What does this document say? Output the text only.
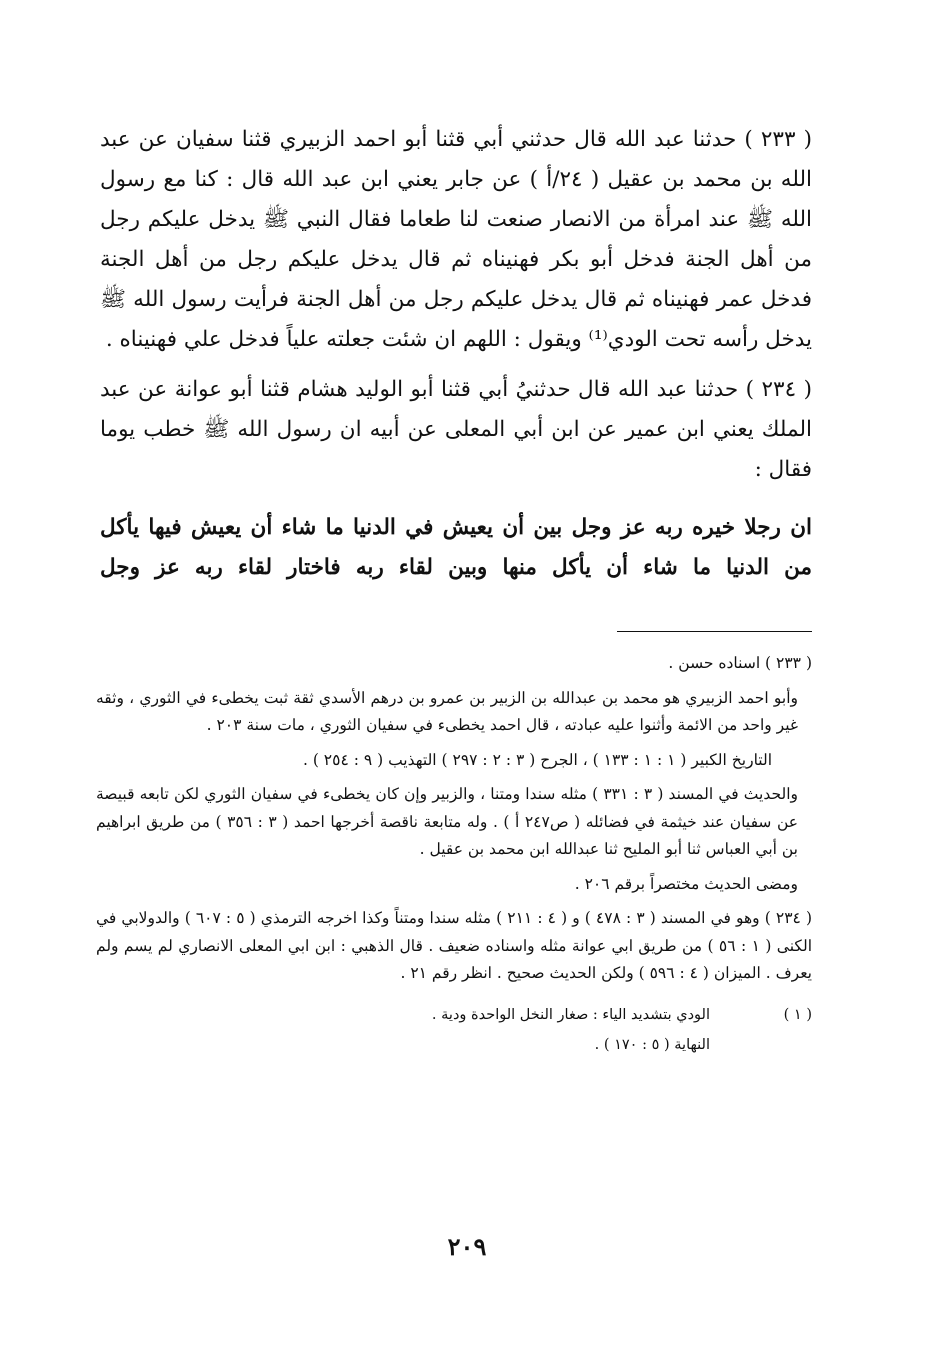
( ٢٣٣ ) حدثنا عبد الله قال حدثني أبي قثنا أبو احمد الزبيري قثنا سفيان عن عبد الله بن محمد بن عقيل ( ٢٤/أ ) عن جابر يعني ابن عبد الله قال : كنا مع رسول الله ﷺ عند امرأة من الانصار صنعت لنا طعاما فقال النبي ﷺ يدخل عليكم رجل من أهل الجنة فدخل أبو بكر فهنيناه ثم قال يدخل عليكم رجل من أهل الجنة فدخل عمر فهنيناه ثم قال يدخل عليكم رجل من أهل الجنة فرأيت رسول الله ﷺ يدخل رأسه تحت الودي⁽¹⁾ ويقول : اللهم ان شئت جعلته علياً فدخل علي فهنيناه .

( ٢٣٤ ) حدثنا عبد الله قال حدثنيُ أبي قثنا أبو الوليد هشام قثنا أبو عوانة عن عبد الملك يعني ابن عمير عن ابن أبي المعلى عن أبيه ان رسول الله ﷺ خطب يوما فقال :

ان رجلا خيره ربه عز وجل بين أن يعيش في الدنيا ما شاء أن يعيش فيها يأكل من الدنيا ما شاء أن يأكل منها وبين لقاء ربه فاختار لقاء ربه عز وجل

( ٢٣٣ ) اسناده حسن .

وأبو احمد الزبيري هو محمد بن عبدالله بن الزبير بن عمرو بن درهم الأسدي ثقة ثبت يخطىء في الثوري ، وثقه غير واحد من الائمة وأثنوا عليه عبادته ، قال احمد يخطىء في سفيان الثوري ، مات سنة ٢٠٣ .

التاريخ الكبير ( ١ : ١ : ١٣٣ ) ، الجرح ( ٣ : ٢ : ٢٩٧ ) التهذيب ( ٩ : ٢٥٤ ) .

والحديث في المسند ( ٣ : ٣٣١ ) مثله سندا ومتنا ، والزبير وإن كان يخطىء في سفيان الثوري لكن تابعه قبيصة عن سفيان عند خيثمة في فضائله ( ص٢٤٧ أ ) . وله متابعة ناقصة أخرجها احمد ( ٣ : ٣٥٦ ) من طريق ابراهيم بن أبي العباس ثنا أبو المليح ثنا عبدالله ابن محمد بن عقيل .

ومضى الحديث مختصراً برقم ٢٠٦ .

( ٢٣٤ ) وهو في المسند ( ٣ : ٤٧٨ ) و ( ٤ : ٢١١ ) مثله سندا ومتناً وكذا اخرجه الترمذي ( ٥ : ٦٠٧ ) والدولابي في الكنى ( ١ : ٥٦ ) من طريق ابي عوانة مثله واسناده ضعيف . قال الذهبي : ابن ابي المعلى الانصاري لم يسم ولم يعرف . الميزان ( ٤ : ٥٩٦ ) ولكن الحديث صحيح . انظر رقم ٢١ .

( ١ )
الودي بتشديد الياء : صغار النخل الواحدة ودية .
النهاية ( ٥ : ١٧٠ ) .
٢٠٩
